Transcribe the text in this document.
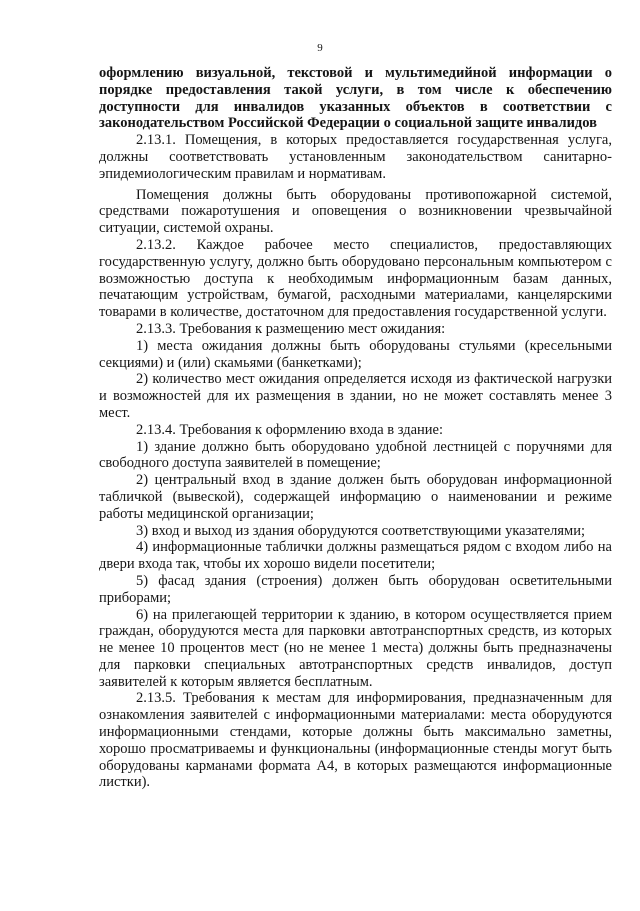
9

оформлению визуальной, текстовой и мультимедийной информации о порядке предоставления такой услуги, в том числе к обеспечению доступности для инвалидов указанных объектов в соответствии с законодательством Российской Федерации о социальной защите инвалидов

2.13.1. Помещения, в которых предоставляется государственная услуга, должны соответствовать установленным законодательством санитарно-эпидемиологическим правилам и нормативам.

Помещения должны быть оборудованы противопожарной системой, средствами пожаротушения и оповещения о возникновении чрезвычайной ситуации, системой охраны.

2.13.2. Каждое рабочее место специалистов, предоставляющих государственную услугу, должно быть оборудовано персональным компьютером с возможностью доступа к необходимым информационным базам данных, печатающим устройствам, бумагой, расходными материалами, канцелярскими товарами в количестве, достаточном для предоставления государственной услуги.

2.13.3. Требования к размещению мест ожидания:

1) места ожидания должны быть оборудованы стульями (кресельными секциями) и (или) скамьями (банкетками);

2) количество мест ожидания определяется исходя из фактической нагрузки и возможностей для их размещения в здании, но не может составлять менее 3 мест.

2.13.4. Требования к оформлению входа в здание:

1) здание должно быть оборудовано удобной лестницей с поручнями для свободного доступа заявителей в помещение;

2) центральный вход в здание должен быть оборудован информационной табличкой (вывеской), содержащей информацию о наименовании и режиме работы медицинской организации;

3) вход и выход из здания оборудуются соответствующими указателями;

4) информационные таблички должны размещаться рядом с входом либо на двери входа так, чтобы их хорошо видели посетители;

5) фасад здания (строения) должен быть оборудован осветительными приборами;

6) на прилегающей территории к зданию, в котором осуществляется прием граждан, оборудуются места для парковки автотранспортных средств, из которых не менее 10 процентов мест (но не менее 1 места) должны быть предназначены для парковки специальных автотранспортных средств инвалидов, доступ заявителей к которым является бесплатным.

2.13.5. Требования к местам для информирования, предназначенным для ознакомления заявителей с информационными материалами: места оборудуются информационными стендами, которые должны быть максимально заметны, хорошо просматриваемы и функциональны (информационные стенды могут быть оборудованы карманами формата А4, в которых размещаются информационные листки).
